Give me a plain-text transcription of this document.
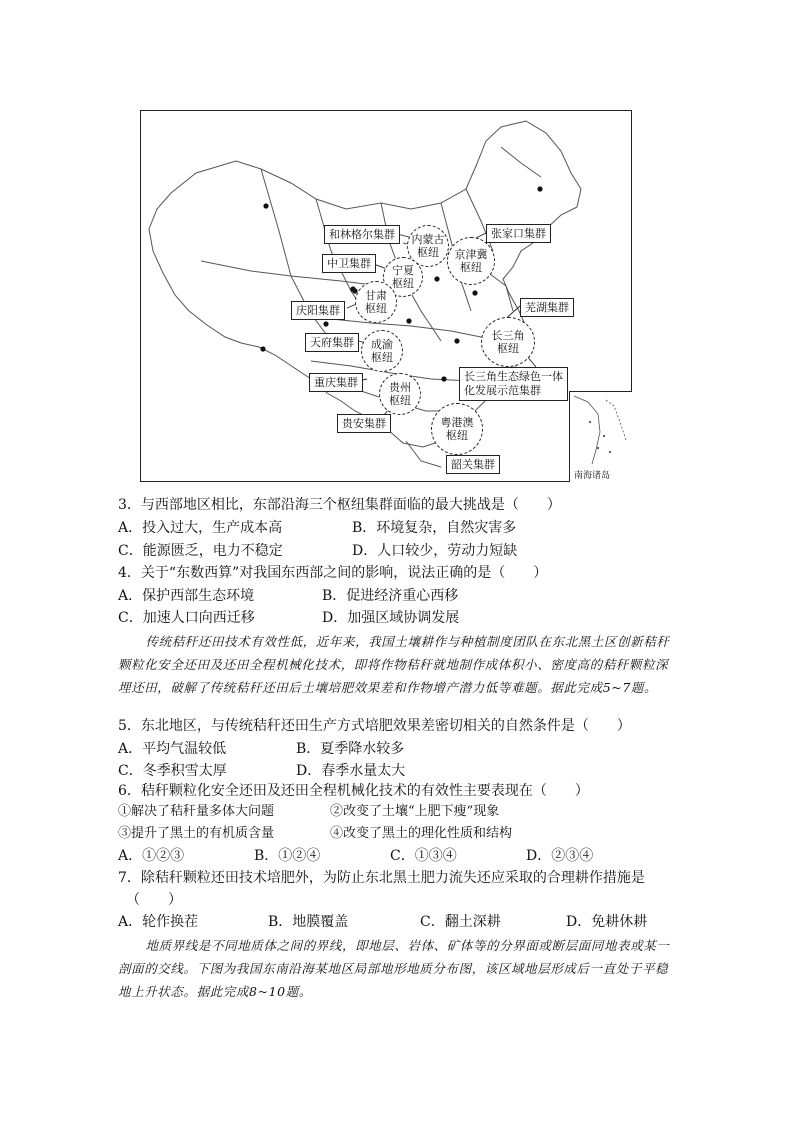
和林格尔集群	张家口集群
中卫集群
庆阳集群	芜湖集群
天府集群
重庆集群	长三角生态绿色一体
化发展示范集群
贵安集群
韶关集群
内蒙古
枢纽	京津冀
枢纽
宁夏
枢纽
甘肃
枢纽
长三角
枢纽
成渝
枢纽
贵州
枢纽
粤港澳
枢纽
南海诸岛
3．与西部地区相比，东部沿海三个枢纽集群面临的最大挑战是（　　）
A．投入过大，生产成本高	B．环境复杂，自然灾害多
C．能源匮乏，电力不稳定	D．人口较少，劳动力短缺
4．关于“东数西算”对我国东西部之间的影响，说法正确的是（　　）
A．保护西部生态环境	B．促进经济重心西移
C．加速人口向西迁移	D．加强区域协调发展
传统秸秆还田技术有效性低，近年来，我国土壤耕作与种植制度团队在东北黑土区创新秸秆颗粒化安全还田及还田全程机械化技术，即将作物秸秆就地制作成体积小、密度高的秸秆颗粒深埋还田，破解了传统秸秆还田后土壤培肥效果差和作物增产潜力低等难题。据此完成5~7题。
5．东北地区，与传统秸秆还田生产方式培肥效果差密切相关的自然条件是（　　）
A．平均气温较低	B．夏季降水较多
C．冬季积雪太厚	D．春季水量太大
6．秸秆颗粒化安全还田及还田全程机械化技术的有效性主要表现在（　　）
①解决了秸秆量多体大问题	②改变了土壤“上肥下瘦”现象
③提升了黑土的有机质含量	④改变了黑土的理化性质和结构
A．①②③	B．①②④	C．①③④	D．②③④
7．除秸秆颗粒还田技术培肥外，为防止东北黑土肥力流失还应采取的合理耕作措施是
（　　）
A．轮作换茬	B．地膜覆盖	C．翻土深耕	D．免耕休耕
地质界线是不同地质体之间的界线，即地层、岩体、矿体等的分界面或断层面同地表或某一剖面的交线。下图为我国东南沿海某地区局部地形地质分布图，该区域地层形成后一直处于平稳地上升状态。据此完成8~10题。
